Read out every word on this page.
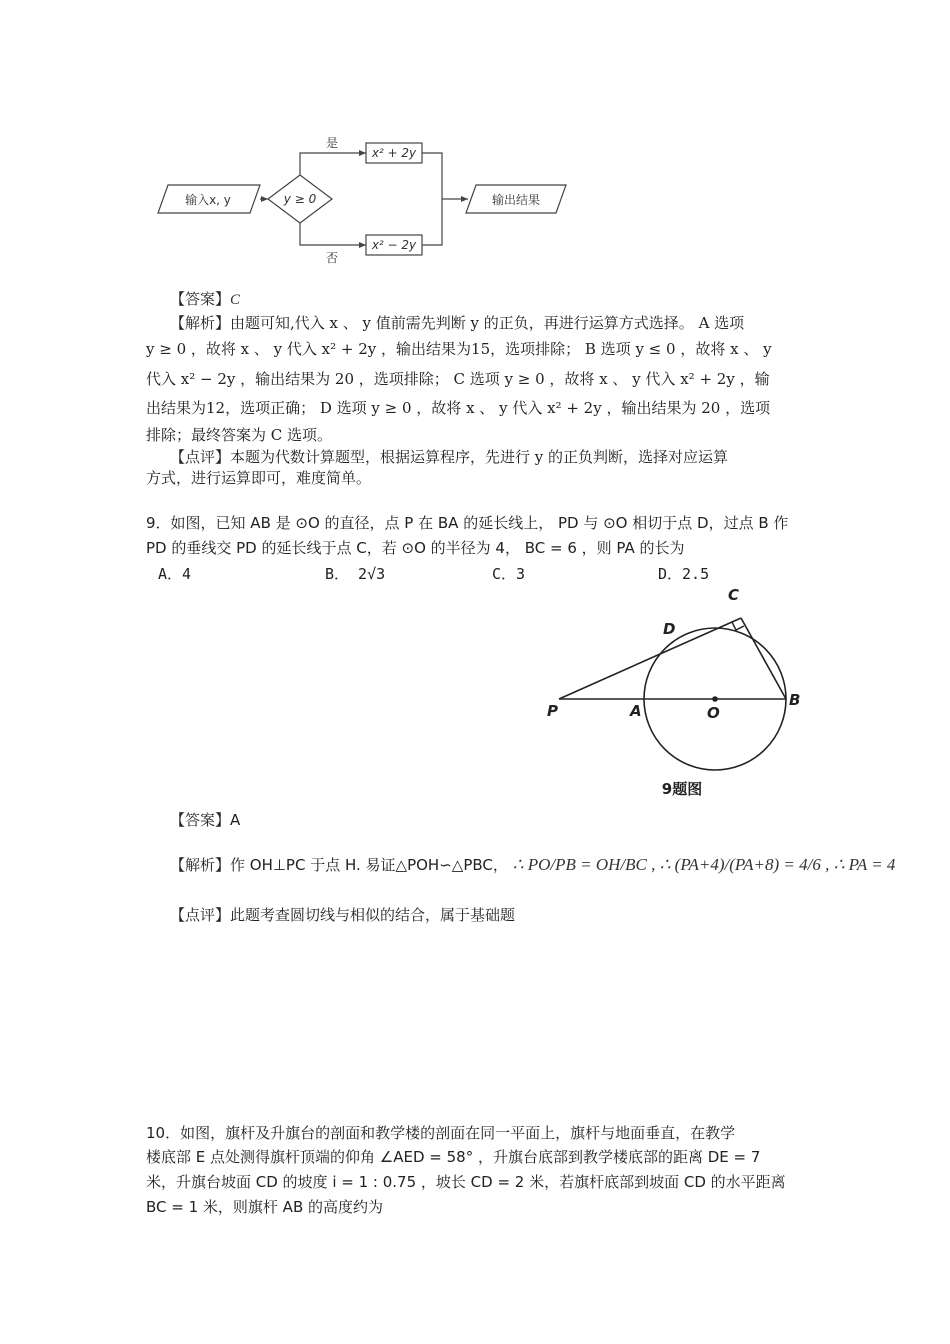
输入x, y	y ≥ 0
是
否
x² + 2y
x² − 2y
输出结果
【答案】C
【解析】由题可知,代入 x 、 y 值前需先判断 y 的正负，再进行运算方式选择。 A 选项
y ≥ 0 ，故将 x 、 y 代入 x² + 2y ，输出结果为15，选项排除； B 选项 y ≤ 0 ，故将 x 、 y
代入 x² − 2y ，输出结果为 20 ，选项排除； C 选项 y ≥ 0 ，故将 x 、 y 代入 x² + 2y ，输
出结果为12，选项正确； D 选项 y ≥ 0 ，故将 x 、 y 代入 x² + 2y ，输出结果为 20 ，选项
排除；最终答案为 C 选项。
【点评】本题为代数计算题型，根据运算程序，先进行 y 的正负判断，选择对应运算
方式，进行运算即可，难度简单。
9．如图，已知 AB 是 ⊙O 的直径，点 P 在 BA 的延长线上， PD 与 ⊙O 相切于点 D，过点 B 作
PD 的垂线交 PD 的延长线于点 C，若 ⊙O 的半径为 4， BC = 6 ，则 PA 的长为
A．4	B． 2√3	C．3	D．2.5
P	A	O
B
C
D
9题图
【答案】A
【解析】作 OH⊥PC 于点 H. 易证△POH∽△PBC， ∴ PO/PB = OH/BC , ∴ (PA+4)/(PA+8) = 4/6 , ∴ PA = 4
【点评】此题考查圆切线与相似的结合，属于基础题
10．如图，旗杆及升旗台的剖面和教学楼的剖面在同一平面上，旗杆与地面垂直，在教学
楼底部 E 点处测得旗杆顶端的仰角 ∠AED = 58° ，升旗台底部到教学楼底部的距离 DE = 7
米，升旗台坡面 CD 的坡度 i = 1 : 0.75 ，坡长 CD = 2 米，若旗杆底部到坡面 CD 的水平距离
BC = 1 米，则旗杆 AB 的高度约为
